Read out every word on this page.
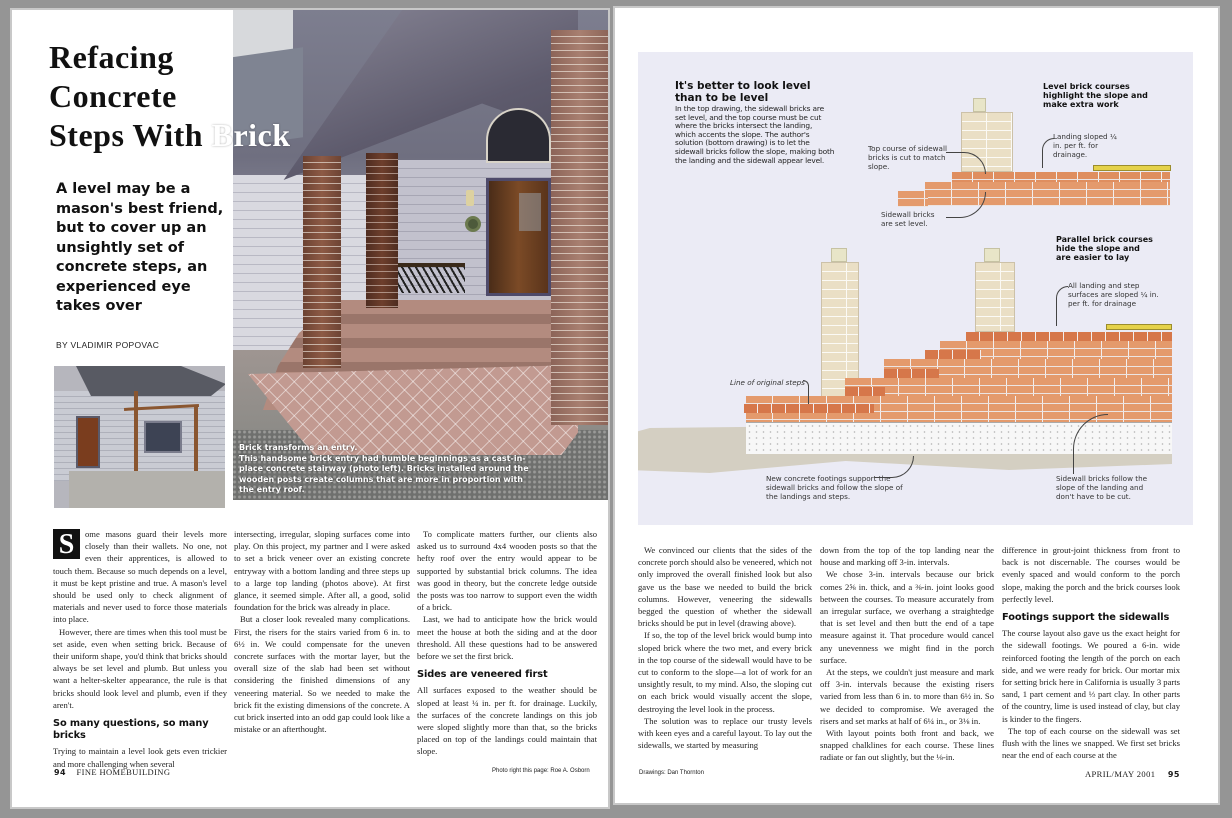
Brick transforms an entry.
This handsome brick entry had humble beginnings as a cast-in-place concrete stairway (photo left). Bricks installed around the wooden posts create columns that are more in proportion with the entry roof.
Refacing
Concrete
Steps With Brick
A level may be a mason's best friend, but to cover up an unsightly set of concrete steps, an experienced eye takes over
BY VLADIMIR POPOVAC

S	ome masons guard their levels more closely than their wallets. No one, not even their apprentices, is allowed to touch them. Because so much depends on a level, it must be kept pristine and true. A mason's level should be used only to check alignment of materials and never used to force those materials into place.

However, there are times when this tool must be set aside, even when setting brick. Because of their uniform shape, you'd think that bricks should always be set level and plumb. But unless you want a helter-skelter appearance, the rule is that bricks should look level and plumb, even if they aren't.

So many questions, so many bricks

Trying to maintain a level look gets even trickier and more challenging when several

intersecting, irregular, sloping surfaces come into play. On this project, my partner and I were asked to set a brick veneer over an existing concrete entryway with a bottom landing and three steps up to a large top landing (photos above). At first glance, it seemed simple. After all, a good, solid foundation for the brick was already in place.

But a closer look revealed many complications. First, the risers for the stairs varied from 6 in. to 6½ in. We could compensate for the uneven concrete surfaces with the mortar layer, but the overall size of the slab had been set without considering the finished dimensions of any veneering material. So we needed to make the brick fit the existing dimensions of the concrete. A cut brick inserted into an odd gap could look like a mistake or an afterthought.

To complicate matters further, our clients also asked us to surround 4x4 wooden posts so that the hefty roof over the entry would appear to be supported by substantial brick columns. The idea was good in theory, but the concrete ledge outside the posts was too narrow to support even the width of a brick.

Last, we had to anticipate how the brick would meet the house at both the siding and at the door threshold. All these questions had to be answered before we set the first brick.

Sides are veneered first

All surfaces exposed to the weather should be sloped at least ¼ in. per ft. for drainage. Luckily, the surfaces of the concrete landings on this job were sloped slightly more than that, so the bricks placed on top of the landings could maintain that slope.

94 FINE HOMEBUILDING	Photo right this page: Roe A. Osborn
It's better to look level than to be level
In the top drawing, the sidewall bricks are set level, and the top course must be cut where the bricks intersect the landing, which accents the slope. The author's solution (bottom drawing) is to let the sidewall bricks follow the slope, making both the landing and the sidewall appear level.
Level brick courses highlight the slope and make extra work
Top course of sidewall bricks is cut to match slope.
Landing sloped ¼ in. per ft. for drainage.
Sidewall bricks are set level.
Parallel brick courses hide the slope and are easier to lay
All landing and step surfaces are sloped ¼ in. per ft. for drainage
Line of original steps
New concrete footings support the sidewall bricks and follow the slope of the landings and steps.
Sidewall bricks follow the slope of the landing and don't have to be cut.

We convinced our clients that the sides of the concrete porch should also be veneered, which not only improved the overall finished look but also gave us the base we needed to build the brick columns. However, veneering the sidewalls begged the question of whether the sidewall bricks should be put in level (drawing above).

If so, the top of the level brick would bump into sloped brick where the two met, and every brick in the top course of the sidewall would have to be cut to conform to the slope—a lot of work for an unsightly result, to my mind. Also, the sloping cut on each brick would visually accent the slope, destroying the level look in the process.

The solution was to replace our trusty levels with keen eyes and a careful layout. To lay out the sidewalls, we started by measuring

down from the top of the top landing near the house and marking off 3-in. intervals.

We chose 3-in. intervals because our brick comes 2⅝ in. thick, and a ⅜-in. joint looks good between the courses. To measure accurately from an irregular surface, we overhang a straightedge that is set level and then butt the end of a tape measure against it. That procedure would cancel any unevenness we might find in the porch surface.

At the steps, we couldn't just measure and mark off 3-in. intervals because the existing risers varied from less than 6 in. to more than 6½ in. So we decided to compromise. We averaged the risers and set marks at half of 6¼ in., or 3⅛ in.

With layout points both front and back, we snapped chalklines for each course. These lines radiate or fan out slightly, but the ⅛-in.

difference in grout-joint thickness from front to back is not discernable. The courses would be evenly spaced and would conform to the porch slope, making the porch and the brick courses look perfectly level.

Footings support the sidewalls

The course layout also gave us the exact height for the sidewall footings. We poured a 6-in. wide reinforced footing the length of the porch on each side, and we were ready for brick. Our mortar mix for setting brick here in California is usually 3 parts sand, 1 part cement and ⅓ part clay. In other parts of the country, lime is used instead of clay, but clay is kinder to the fingers.

The top of each course on the sidewall was set flush with the lines we snapped. We first set bricks near the end of each course at the

Drawings: Dan Thornton	APRIL/MAY 2001 95
